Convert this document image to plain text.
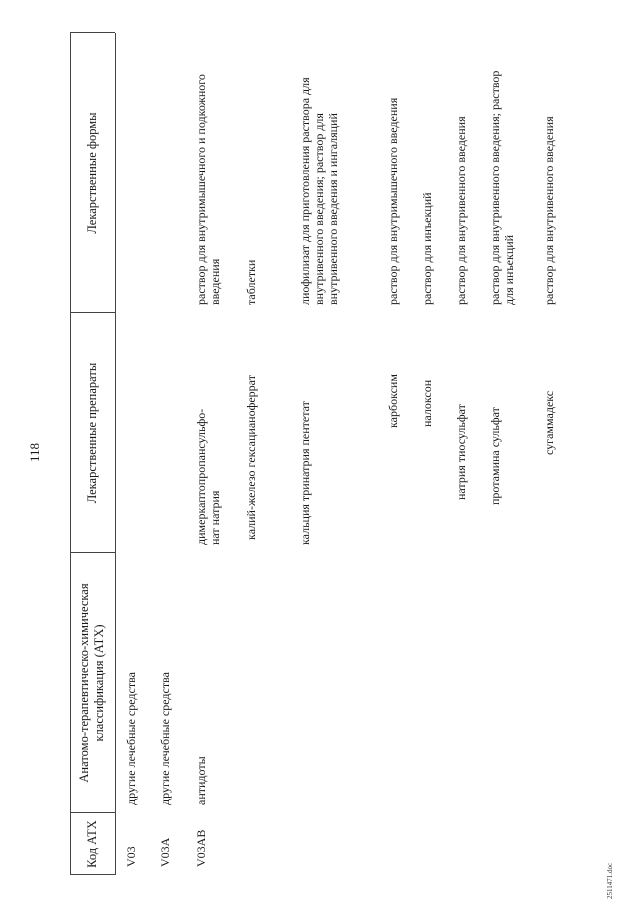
118
Код АТХ
Анатомо-терапевтическо-химическая классификация (АТХ)
Лекарственные препараты
Лекарственные формы
V03
другие лечебные средства
V03A
другие лечебные средства
V03AB
антидоты
димеркаптопропансульфо-нат натрия
раствор для внутримышечного и подкожного введения
калий-железо гексацианоферрат
таблетки
кальция тринатрия пентетат
лиофилизат для приготовления раствора для внутривенного введения; раствор для внутривенного введения и ингаляций
карбоксим
раствор для внутримышечного введения
налоксон
раствор для инъекций
натрия тиосульфат
раствор для внутривенного введения
протамина сульфат
раствор для внутривенного введения; раствор для инъекций
сугаммадекс
раствор для внутривенного введения
2511471.doc
